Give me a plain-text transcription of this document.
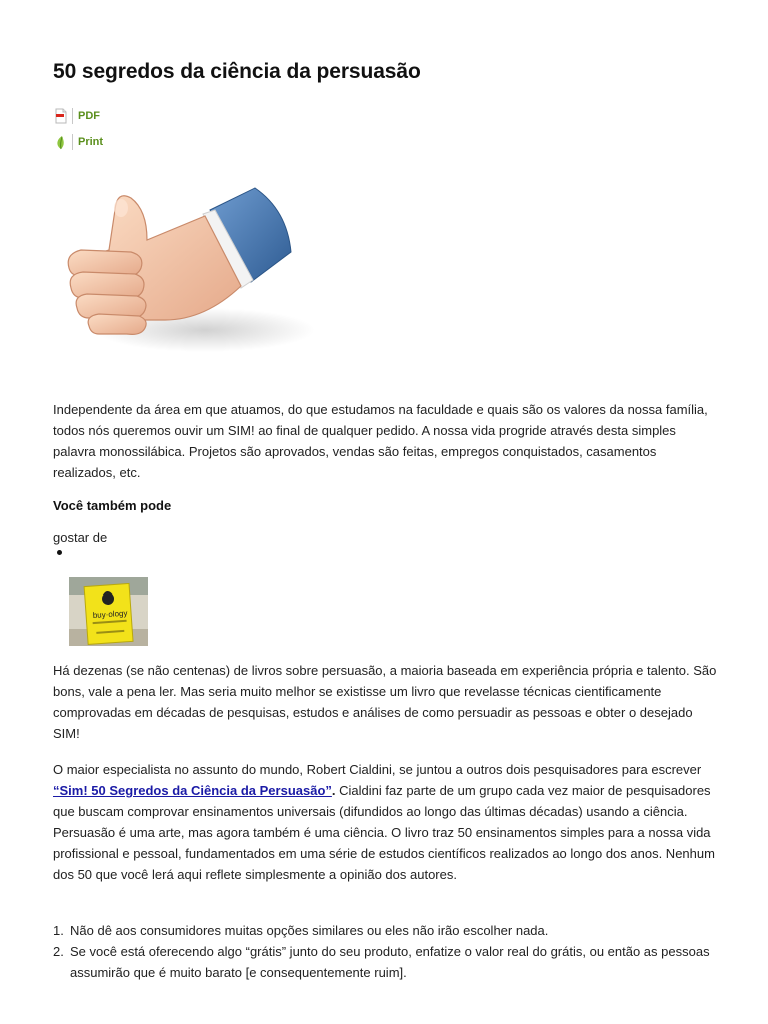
50 segredos da ciência da persuasão
PDF
Print

Independente da área em que atuamos, do que estudamos na faculdade e quais são os valores da nossa família, todos nós queremos ouvir um SIM! ao final de qualquer pedido. A nossa vida progride através desta simples palavra monossilábica. Projetos são aprovados, vendas são feitas, empregos conquistados, casamentos realizados, etc.

Você também pode
gostar de
buy·ology

Há dezenas (se não centenas) de livros sobre persuasão, a maioria baseada em experiência própria e talento. São bons, vale a pena ler. Mas seria muito melhor se existisse um livro que revelasse técnicas cientificamente comprovadas em décadas de pesquisas, estudos e análises de como persuadir as pessoas e obter o desejado SIM!

O maior especialista no assunto do mundo, Robert Cialdini, se juntou a outros dois pesquisadores para escrever “Sim! 50 Segredos da Ciência da Persuasão”. Cialdini faz parte de um grupo cada vez maior de pesquisadores que buscam comprovar ensinamentos universais (difundidos ao longo das últimas décadas) usando a ciência. Persuasão é uma arte, mas agora também é uma ciência. O livro traz 50 ensinamentos simples para a nossa vida profissional e pessoal, fundamentados em uma série de estudos científicos realizados ao longo dos anos. Nenhum dos 50 que você lerá aqui reflete simplesmente a opinião dos autores.

1. Não dê aos consumidores muitas opções similares ou eles não irão escolher nada.
2. Se você está oferecendo algo “grátis” junto do seu produto, enfatize o valor real do grátis, ou então as pessoas assumirão que é muito barato [e consequentemente ruim].
